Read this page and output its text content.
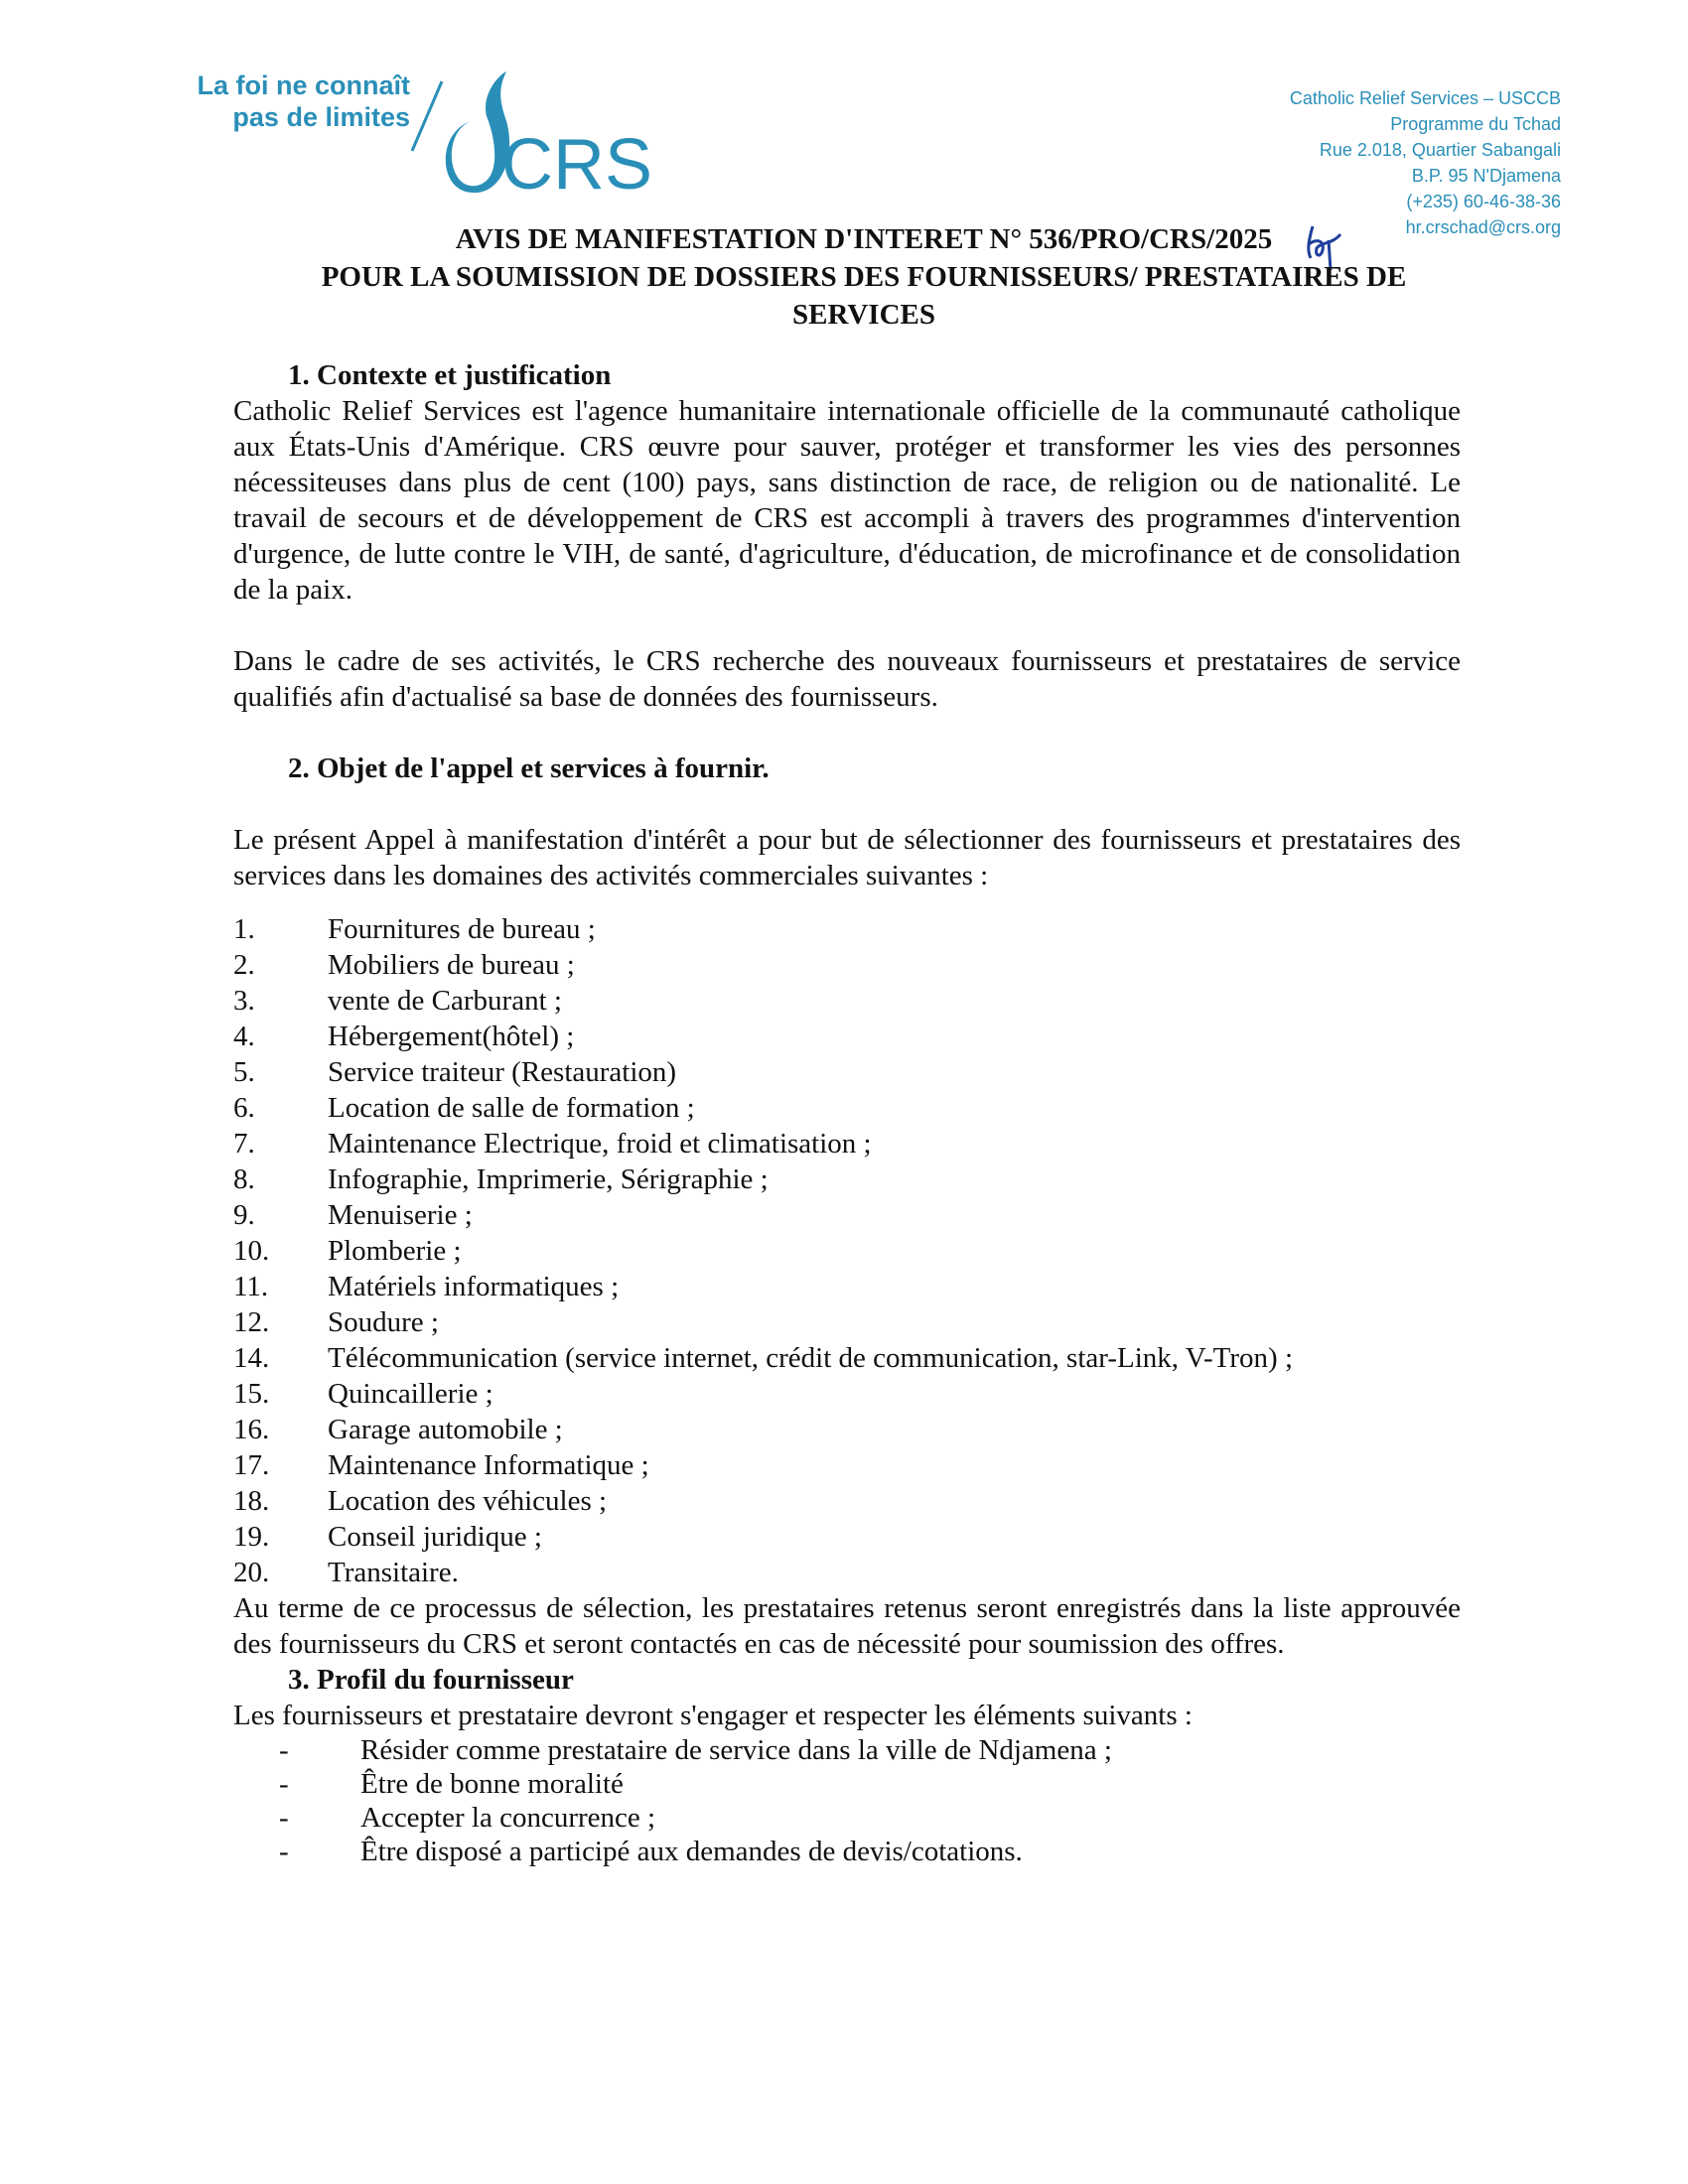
La foi ne connaît
pas de limites
CRS
Catholic Relief Services – USCCB
Programme du Tchad
Rue 2.018, Quartier Sabangali
B.P. 95 N'Djamena
(+235) 60-46-38-36
hr.crschad@crs.org
AVIS DE MANIFESTATION D'INTERET N° 536/PRO/CRS/2025
POUR LA SOUMISSION DE DOSSIERS DES FOURNISSEURS/ PRESTATAIRES DE
SERVICES

1. Contexte et justification

Catholic Relief Services est l'agence humanitaire internationale officielle de la communauté catholique aux États-Unis d'Amérique. CRS œuvre pour sauver, protéger et transformer les vies des personnes nécessiteuses dans plus de cent (100) pays, sans distinction de race, de religion ou de nationalité. Le travail de secours et de développement de CRS est accompli à travers des programmes d'intervention d'urgence, de lutte contre le VIH, de santé, d'agriculture, d'éducation, de microfinance et de consolidation de la paix.

Dans le cadre de ses activités, le CRS recherche des nouveaux fournisseurs et prestataires de service qualifiés afin d'actualisé sa base de données des fournisseurs.

2. Objet de l'appel et services à fournir.

Le présent Appel à manifestation d'intérêt a pour but de sélectionner des fournisseurs et prestataires des services dans les domaines des activités commerciales suivantes :

1.	Fournitures de bureau ;
2.	Mobiliers de bureau ;
3.	vente de Carburant ;
4.	Hébergement(hôtel) ;
5.	Service traiteur (Restauration)
6.	Location de salle de formation ;
7.	Maintenance Electrique, froid et climatisation ;
8.	Infographie, Imprimerie, Sérigraphie ;
9.	Menuiserie ;
10.	Plomberie ;
11.	Matériels informatiques ;
12.	Soudure ;
14.	Télécommunication (service internet, crédit de communication, star-Link, V-Tron) ;
15.	Quincaillerie ;
16.	Garage automobile ;
17.	Maintenance Informatique ;
18.	Location des véhicules ;
19.	Conseil juridique ;
20.	Transitaire.

Au terme de ce processus de sélection, les prestataires retenus seront enregistrés dans la liste approuvée des fournisseurs du CRS et seront contactés en cas de nécessité pour soumission des offres.

3. Profil du fournisseur

Les fournisseurs et prestataire devront s'engager et respecter les éléments suivants :

-	Résider comme prestataire de service dans la ville de Ndjamena ;
-	Être de bonne moralité
-	Accepter la concurrence ;
-	Être disposé a participé aux demandes de devis/cotations.
